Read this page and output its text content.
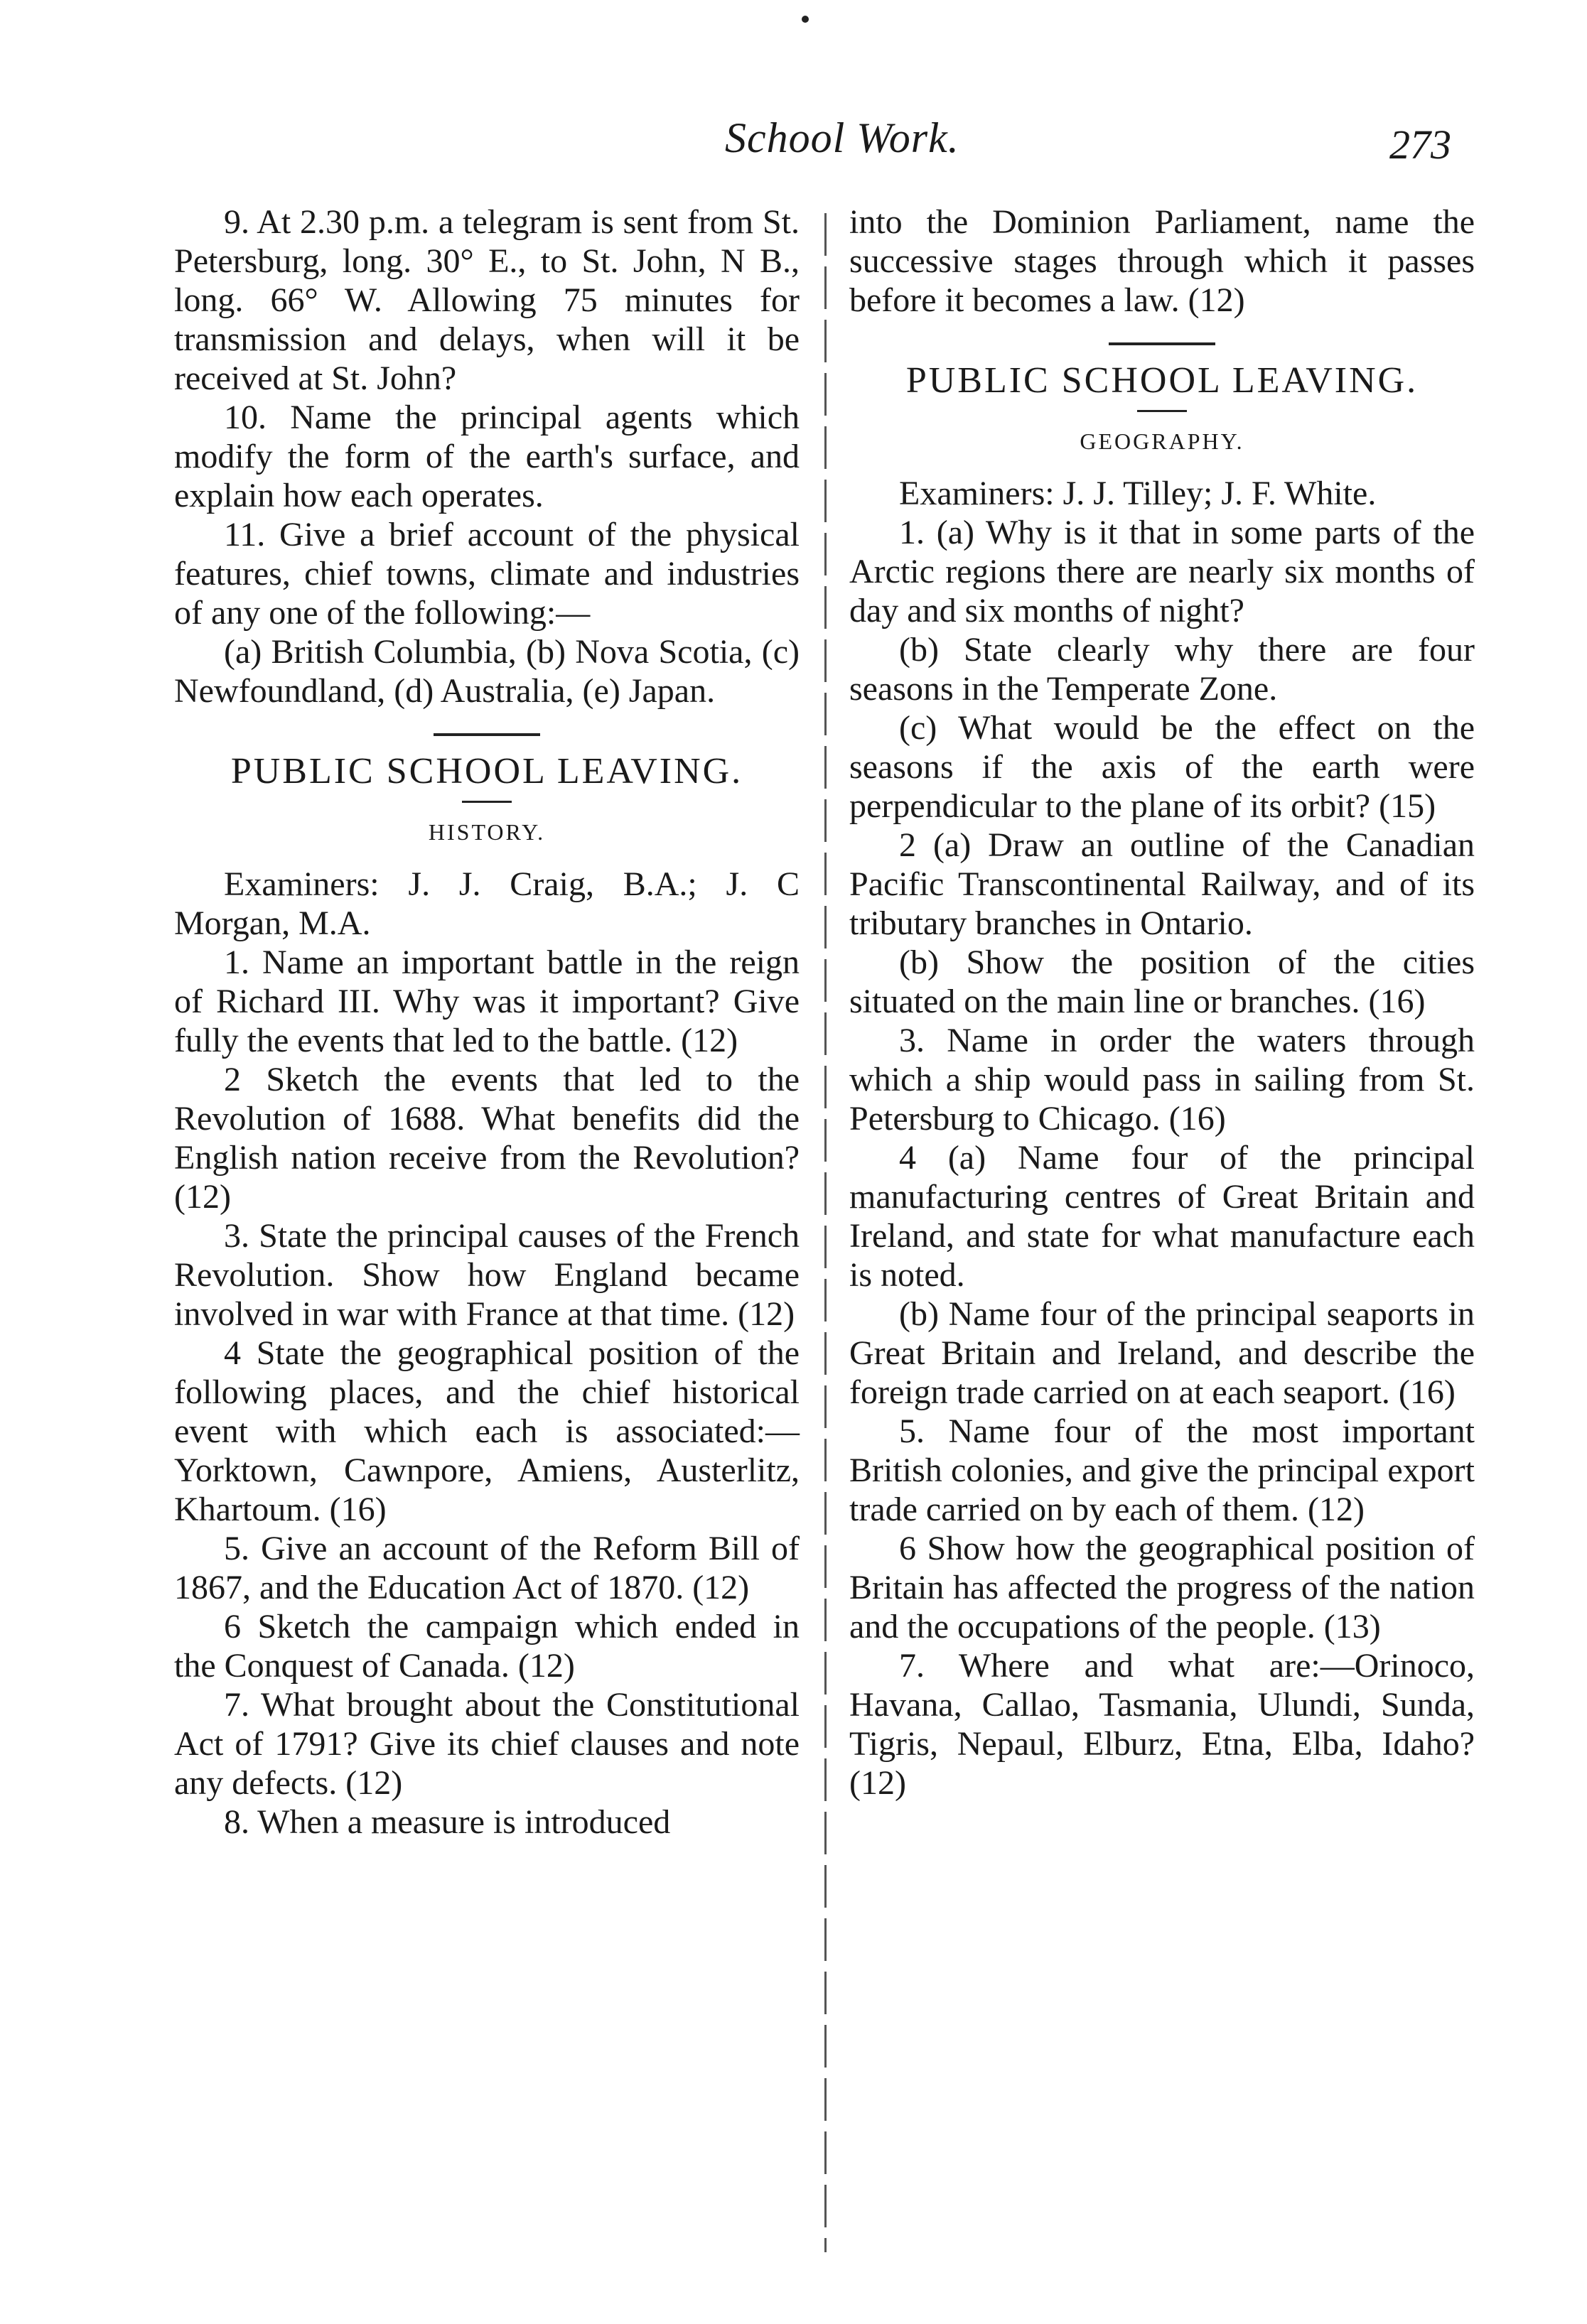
School Work.	273

9. At 2.30 p.m. a telegram is sent from St. Petersburg, long. 30° E., to St. John, N B., long. 66° W. Allowing 75 minutes for transmission and delays, when will it be received at St. John?

10. Name the principal agents which modify the form of the earth's surface, and explain how each operates.

11. Give a brief account of the physical features, chief towns, climate and industries of any one of the following:—

(a) British Columbia, (b) Nova Scotia, (c) Newfoundland, (d) Australia, (e) Japan.

PUBLIC SCHOOL LEAVING.

HISTORY.

Examiners: J. J. Craig, B.A.; J. C Morgan, M.A.

1. Name an important battle in the reign of Richard III. Why was it important? Give fully the events that led to the battle. (12)

2 Sketch the events that led to the Revolution of 1688. What benefits did the English nation receive from the Revolution? (12)

3. State the principal causes of the French Revolution. Show how England became involved in war with France at that time. (12)

4 State the geographical position of the following places, and the chief historical event with which each is associated:—Yorktown, Cawnpore, Amiens, Austerlitz, Khartoum. (16)

5. Give an account of the Reform Bill of 1867, and the Education Act of 1870. (12)

6 Sketch the campaign which ended in the Conquest of Canada. (12)

7. What brought about the Constitutional Act of 1791? Give its chief clauses and note any defects. (12)

8. When a measure is introduced

into the Dominion Parliament, name the successive stages through which it passes before it becomes a law. (12)

PUBLIC SCHOOL LEAVING.

GEOGRAPHY.

Examiners: J. J. Tilley; J. F. White.

1. (a) Why is it that in some parts of the Arctic regions there are nearly six months of day and six months of night?

(b) State clearly why there are four seasons in the Temperate Zone.

(c) What would be the effect on the seasons if the axis of the earth were perpendicular to the plane of its orbit? (15)

2 (a) Draw an outline of the Canadian Pacific Transcontinental Railway, and of its tributary branches in Ontario.

(b) Show the position of the cities situated on the main line or branches. (16)

3. Name in order the waters through which a ship would pass in sailing from St. Petersburg to Chicago. (16)

4 (a) Name four of the principal manufacturing centres of Great Britain and Ireland, and state for what manufacture each is noted.

(b) Name four of the principal seaports in Great Britain and Ireland, and describe the foreign trade carried on at each seaport. (16)

5. Name four of the most important British colonies, and give the principal export trade carried on by each of them. (12)

6 Show how the geographical position of Britain has affected the progress of the nation and the occupations of the people. (13)

7. Where and what are:—Orinoco, Havana, Callao, Tasmania, Ulundi, Sunda, Tigris, Nepaul, Elburz, Etna, Elba, Idaho? (12)
